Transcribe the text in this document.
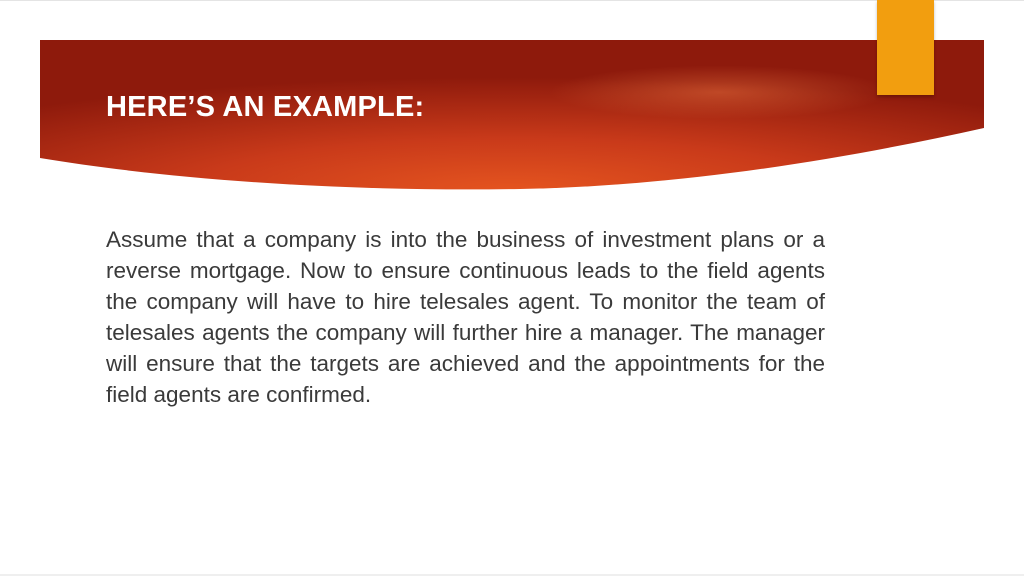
HERE’S AN EXAMPLE:

Assume that a company is into the business of investment plans or a reverse mortgage. Now to ensure continuous leads to the field agents the company will have to hire telesales agent. To monitor the team of telesales agents the company will further hire a manager. The manager will ensure that the targets are achieved and the appointments for the field agents are confirmed.
